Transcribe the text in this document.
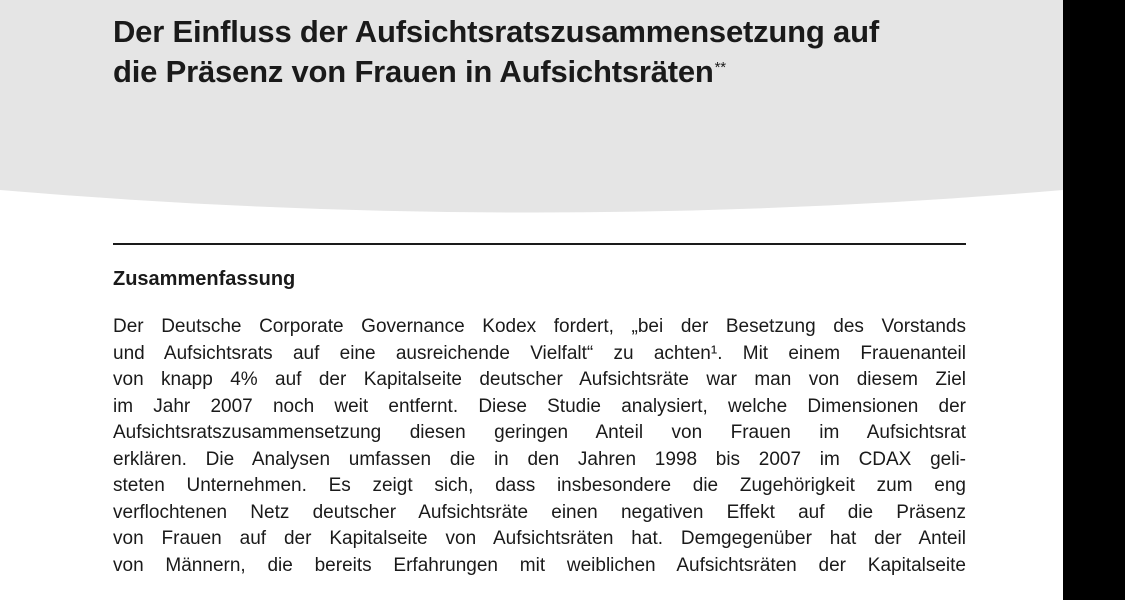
Der Einfluss der Aufsichtsratszusammensetzung auf
die Präsenz von Frauen in Aufsichtsräten**
Zusammenfassung
Der Deutsche Corporate Governance Kodex fordert, „bei der Besetzung des Vorstands
und Aufsichtsrats auf eine ausreichende Vielfalt“ zu achten¹. Mit einem Frauenanteil
von knapp 4% auf der Kapitalseite deutscher Aufsichtsräte war man von diesem Ziel
im Jahr 2007 noch weit entfernt. Diese Studie analysiert, welche Dimensionen der
Aufsichtsratszusammensetzung diesen geringen Anteil von Frauen im Aufsichtsrat
erklären. Die Analysen umfassen die in den Jahren 1998 bis 2007 im CDAX geli-
steten Unternehmen. Es zeigt sich, dass insbesondere die Zugehörigkeit zum eng
verflochtenen Netz deutscher Aufsichtsräte einen negativen Effekt auf die Präsenz
von Frauen auf der Kapitalseite von Aufsichtsräten hat. Demgegenüber hat der Anteil
von Männern, die bereits Erfahrungen mit weiblichen Aufsichtsräten der Kapitalseite
